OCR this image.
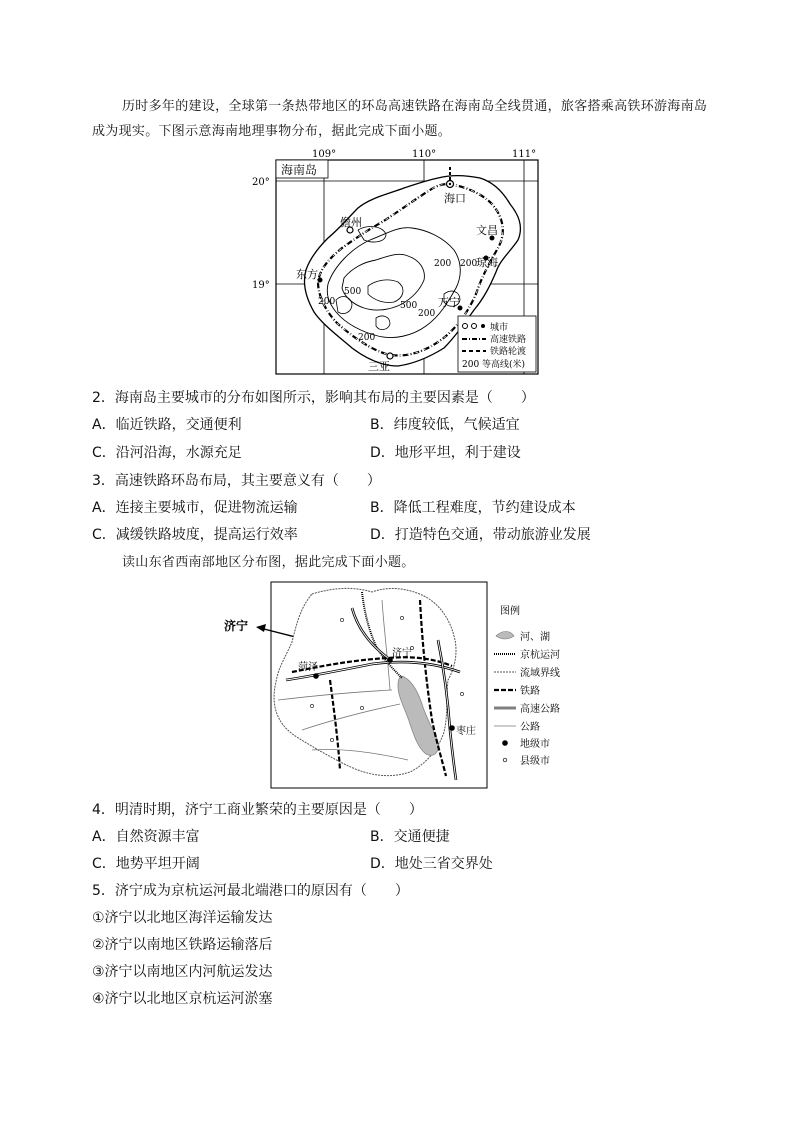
历时多年的建设，全球第一条热带地区的环岛高速铁路在海南岛全线贯通，旅客搭乘高铁环游海南岛成为现实。下图示意海南地理事物分布，据此完成下面小题。

海南岛
109°	110°	111°
20°
19°
200
500
500
200
200 200
200
海口
儋州
文昌
琼海
东方
万宁
三亚
城市
高速铁路
铁路轮渡
200 等高线(米)

2．海南岛主要城市的分布如图所示，影响其布局的主要因素是（　　）

A．临近铁路，交通便利	B．纬度较低，气候适宜

C．沿河沿海，水源充足	D．地形平坦，利于建设

3．高速铁路环岛布局，其主要意义有（　　）

A．连接主要城市，促进物流运输	B．降低工程难度，节约建设成本

C．减缓铁路坡度，提高运行效率	D．打造特色交通，带动旅游业发展

读山东省西南部地区分布图，据此完成下面小题。

济宁
菏泽
济宁
枣庄
图例
河、湖
京杭运河
流域界线
铁路
高速公路
公路
地级市
县级市

4．明清时期，济宁工商业繁荣的主要原因是（　　）

A．自然资源丰富	B．交通便捷

C．地势平坦开阔	D．地处三省交界处

5．济宁成为京杭运河最北端港口的原因有（　　）

①济宁以北地区海洋运输发达

②济宁以南地区铁路运输落后

③济宁以南地区内河航运发达

④济宁以北地区京杭运河淤塞
